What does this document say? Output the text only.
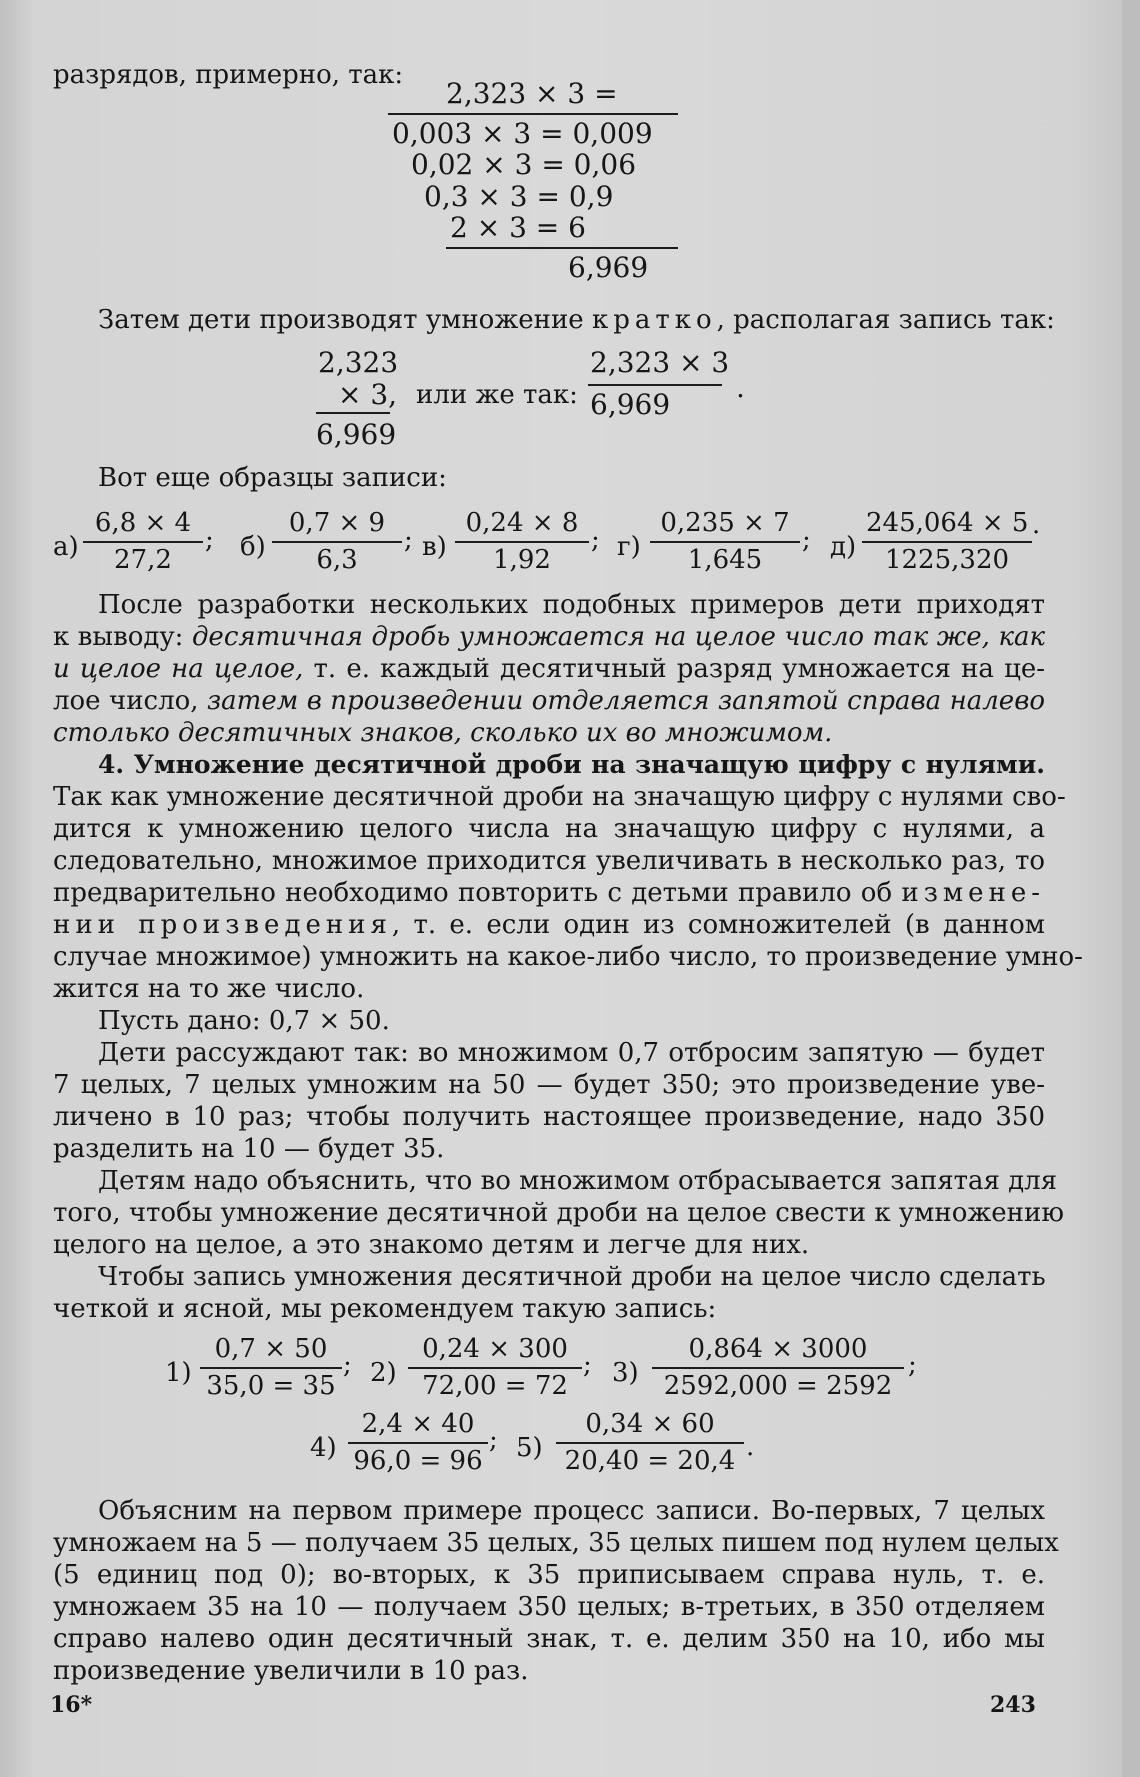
разрядов, примерно, так:
2,323 × 3 =
0,003 × 3 = 0,009
0,02 × 3 = 0,06
0,3 × 3 = 0,9
2 × 3 = 6
6,969
Затем дети производят умножение кратко, располагая запись так:
2,323
× 3,
6,969
или же так:
2,323 × 3
6,969
.
Вот еще образцы записи:
$а) \frac{6,8 \times 4}{27,2}$ ; $б) \frac{0,7 \times 9}{6,3}$ ; $в) \frac{0,24 \times 8}{1,92}$ ; $г) \frac{0,235 \times 7}{1,645}$ ; $д) \frac{245,064 \times 5}{1225,320}$ .
После разработки нескольких подобных примеров дети приходят
к выводу: десятичная дробь умножается на целое число так же, как
и целое на целое, т. е. каждый десятичный разряд умножается на це-
лое число, затем в произведении отделяется запятой справа налево
столько десятичных знаков, сколько их во множимом.
4. Умножение десятичной дроби на значащую цифру с нулями.
Так как умножение десятичной дроби на значащую цифру с нулями сво-
дится к умножению целого числа на значащую цифру с нулями, а
следовательно, множимое приходится увеличивать в несколько раз, то
предварительно необходимо повторить с детьми правило об измене-
нии произведения, т. е. если один из сомножителей (в данном
случае множимое) умножить на какое-либо число, то произведение умно-
жится на то же число.
Пусть дано: 0,7 × 50.
Дети рассуждают так: во множимом 0,7 отбросим запятую — будет
7 целых, 7 целых умножим на 50 — будет 350; это произведение уве-
личено в 10 раз; чтобы получить настоящее произведение, надо 350
разделить на 10 — будет 35.
Детям надо объяснить, что во множимом отбрасывается запятая для
того, чтобы умножение десятичной дроби на целое свести к умножению
целого на целое, а это знакомо детям и легче для них.
Чтобы запись умножения десятичной дроби на целое число сделать
четкой и ясной, мы рекомендуем такую запись:
$1) \frac{0,7 \times 50}{35,0 = 35}$ ; $2) \frac{0,24 \times 300}{72,00 = 72}$ ; $3) \frac{0,864 \times 3000}{2592,000 = 2592}$ ;
$4) \frac{2,4 \times 40}{96,0 = 96}$ ; $5) \frac{0,34 \times 60}{20,40 = 20,4}$ .
Объясним на первом примере процесс записи. Во-первых, 7 целых
умножаем на 5 — получаем 35 целых, 35 целых пишем под нулем целых
(5 единиц под 0); во-вторых, к 35 приписываем справа нуль, т. е.
умножаем 35 на 10 — получаем 350 целых; в-третьих, в 350 отделяем
справо налево один десятичный знак, т. е. делим 350 на 10, ибо мы
произведение увеличили в 10 раз.
16*	243
